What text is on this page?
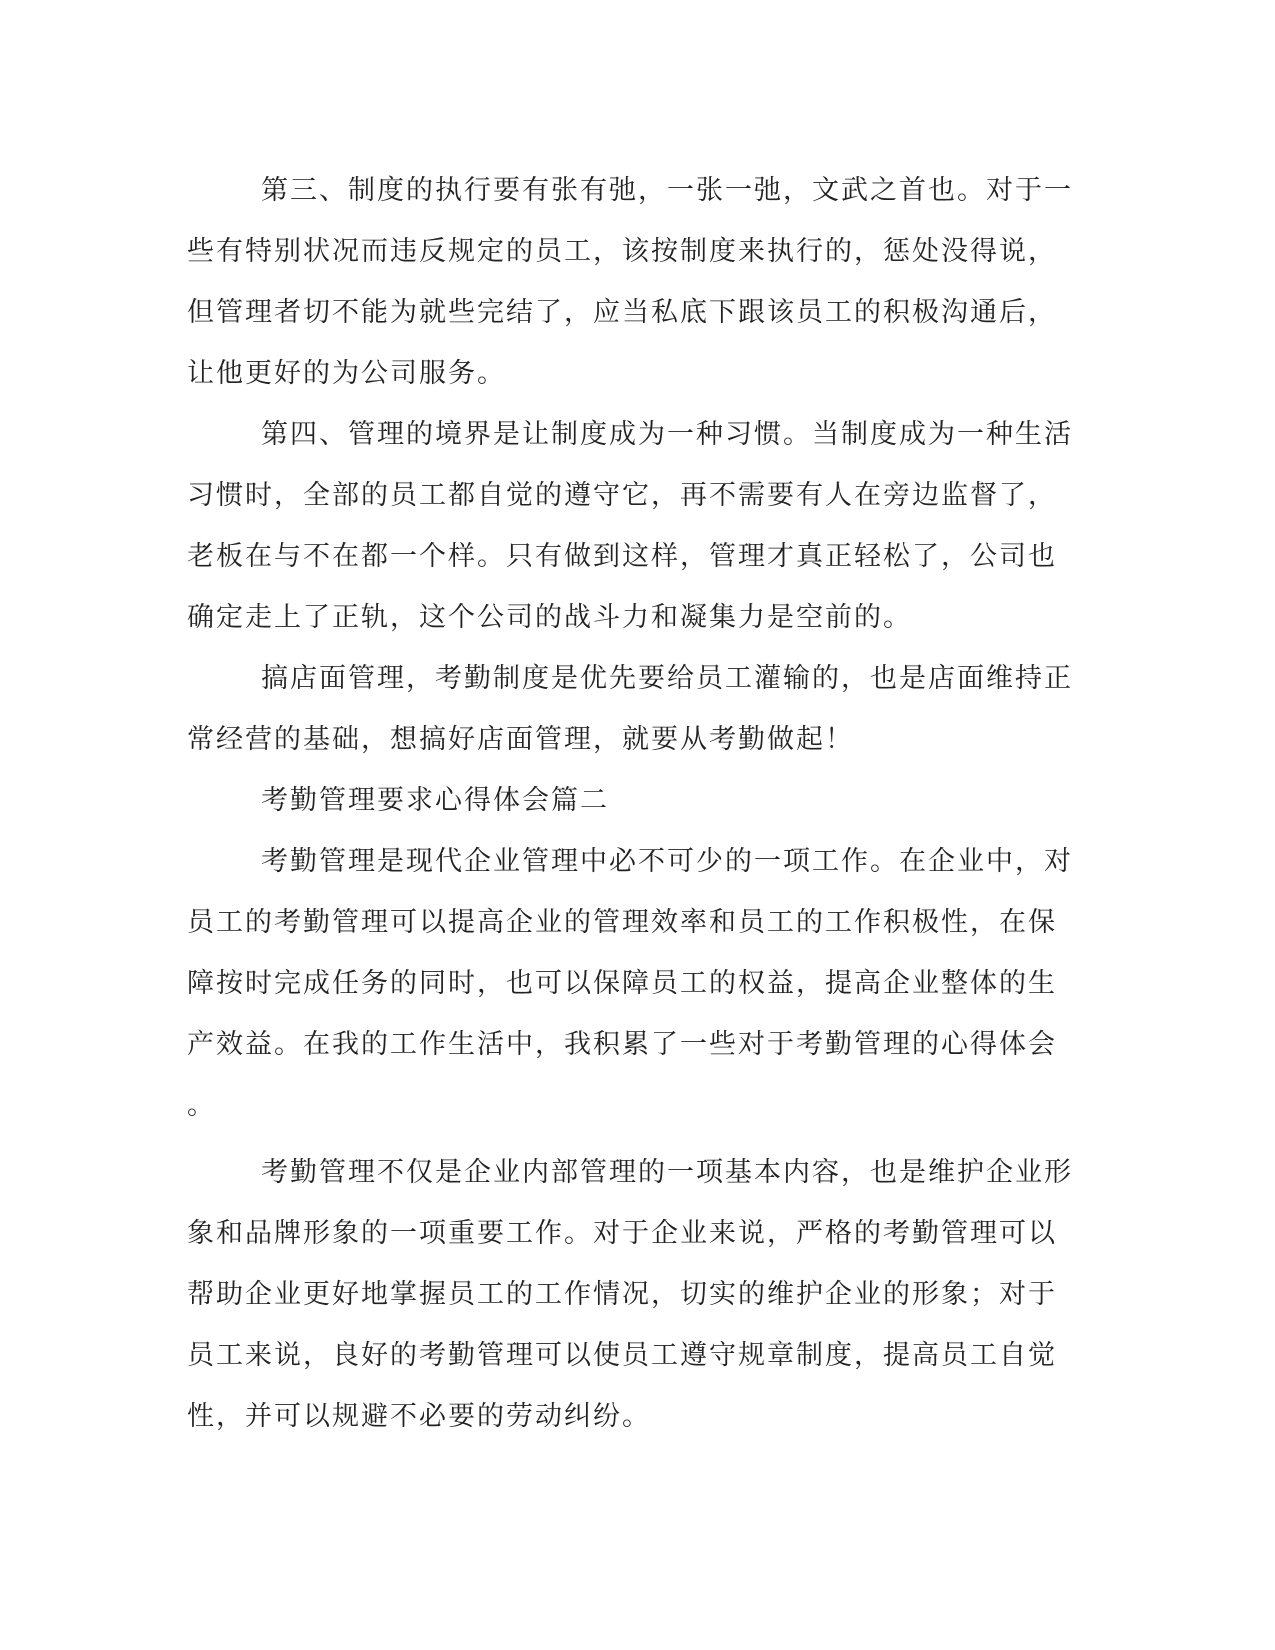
第三、制度的执行要有张有弛，一张一弛，文武之首也。对于一
些有特别状况而违反规定的员工，该按制度来执行的，惩处没得说，
但管理者切不能为就些完结了，应当私底下跟该员工的积极沟通后，
让他更好的为公司服务。
第四、管理的境界是让制度成为一种习惯。当制度成为一种生活
习惯时，全部的员工都自觉的遵守它，再不需要有人在旁边监督了，
老板在与不在都一个样。只有做到这样，管理才真正轻松了，公司也
确定走上了正轨，这个公司的战斗力和凝集力是空前的。
搞店面管理，考勤制度是优先要给员工灌输的，也是店面维持正
常经营的基础，想搞好店面管理，就要从考勤做起！
考勤管理要求心得体会篇二
考勤管理是现代企业管理中必不可少的一项工作。在企业中，对
员工的考勤管理可以提高企业的管理效率和员工的工作积极性，在保
障按时完成任务的同时，也可以保障员工的权益，提高企业整体的生
产效益。在我的工作生活中，我积累了一些对于考勤管理的心得体会
。
考勤管理不仅是企业内部管理的一项基本内容，也是维护企业形
象和品牌形象的一项重要工作。对于企业来说，严格的考勤管理可以
帮助企业更好地掌握员工的工作情况，切实的维护企业的形象；对于
员工来说，良好的考勤管理可以使员工遵守规章制度，提高员工自觉
性，并可以规避不必要的劳动纠纷。
